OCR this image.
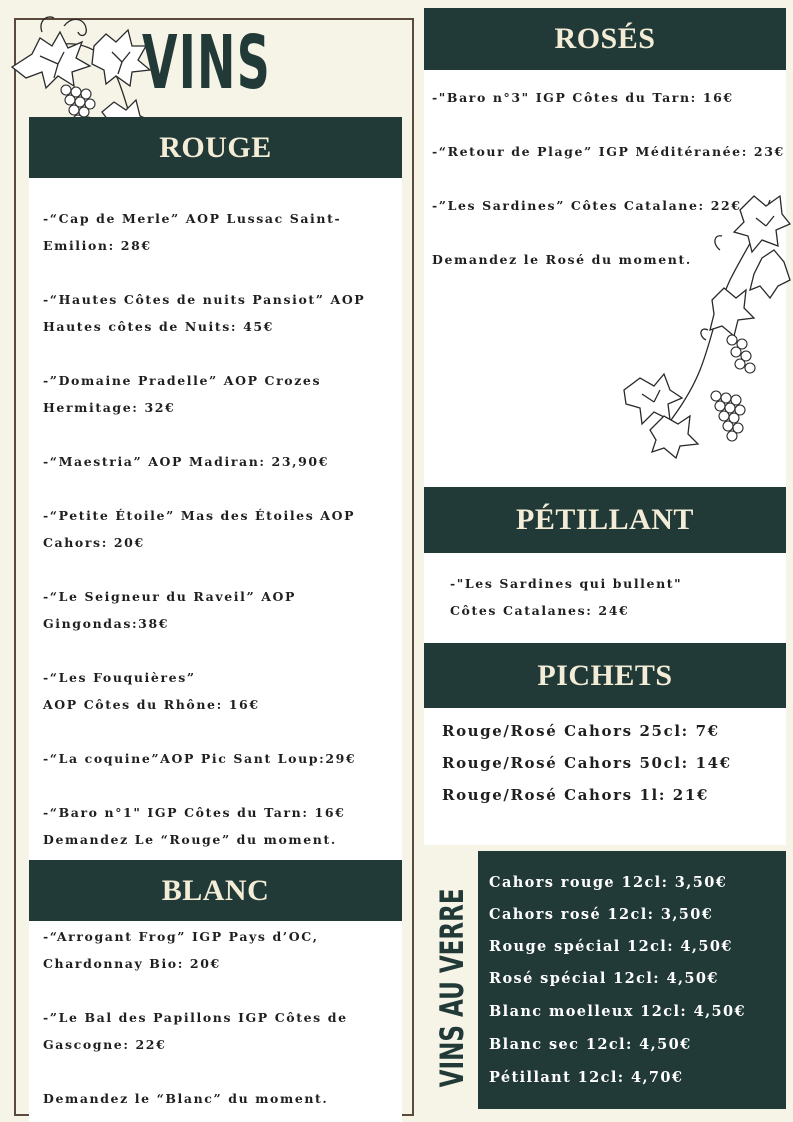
VINS
ROUGE
-“Cap de Merle” AOP Lussac Saint-
Emilion: 28€
-“Hautes Côtes de nuits Pansiot” AOP
Hautes côtes de Nuits: 45€
-”Domaine Pradelle” AOP Crozes
Hermitage: 32€
-“Maestria” AOP Madiran: 23,90€
-“Petite Étoile” Mas des Étoiles AOP
Cahors: 20€
-“Le Seigneur du Raveil” AOP
Gingondas:38€
-“Les Fouquières”
AOP Côtes du Rhône: 16€
-“La coquine”AOP Pic Sant Loup:29€
-“Baro n°1" IGP Côtes du Tarn: 16€
Demandez Le “Rouge” du moment.
BLANC
-“Arrogant Frog” IGP Pays d’OC,
Chardonnay Bio: 20€
-”Le Bal des Papillons IGP Côtes de
Gascogne: 22€
Demandez le “Blanc” du moment.
ROSÉS
-"Baro n°3" IGP Côtes du Tarn: 16€
-“Retour de Plage” IGP Méditéranée: 23€
-”Les Sardines” Côtes Catalane: 22€
Demandez le Rosé du moment.
PÉTILLANT
-"Les Sardines qui bullent"
Côtes Catalanes: 24€
PICHETS
Rouge/Rosé Cahors 25cl: 7€
Rouge/Rosé Cahors 50cl: 14€
Rouge/Rosé Cahors 1l: 21€
VINS AU VERRE
Cahors rouge 12cl: 3,50€
Cahors rosé 12cl: 3,50€
Rouge spécial 12cl: 4,50€
Rosé spécial 12cl: 4,50€
Blanc moelleux 12cl: 4,50€
Blanc sec 12cl: 4,50€
Pétillant 12cl: 4,70€
